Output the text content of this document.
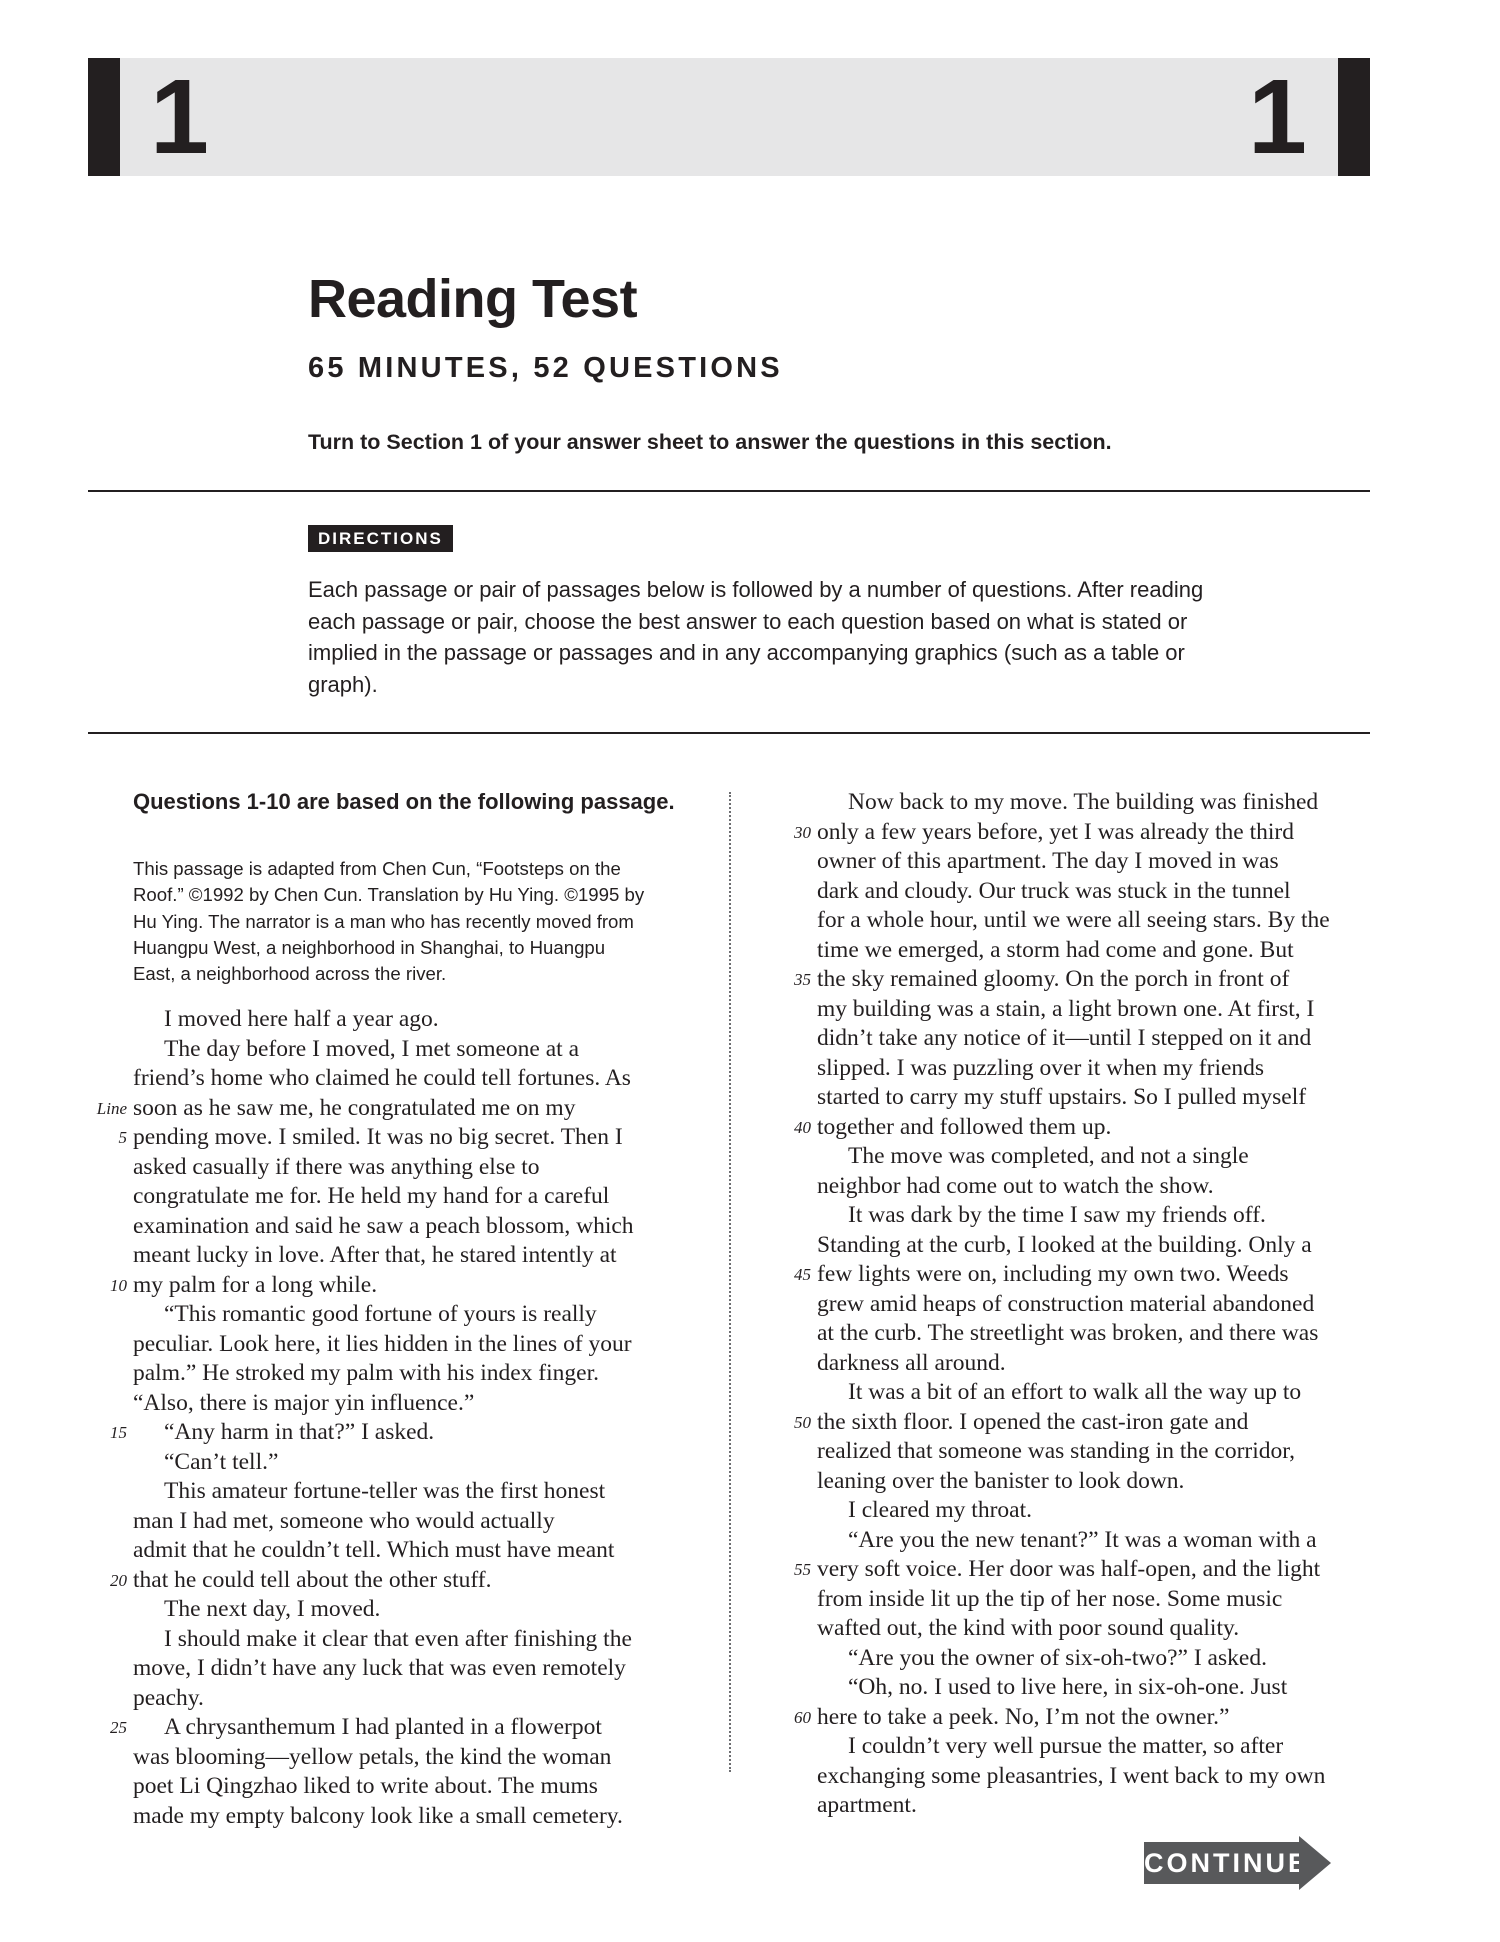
1	1
Reading Test
65 MINUTES, 52 QUESTIONS
Turn to Section 1 of your answer sheet to answer the questions in this section.
DIRECTIONS
Each passage or pair of passages below is followed by a number of questions. After reading
each passage or pair, choose the best answer to each question based on what is stated or
implied in the passage or passages and in any accompanying graphics (such as a table or
graph).
Questions 1-10 are based on the following passage.
This passage is adapted from Chen Cun, “Footsteps on the
Roof.” ©1992 by Chen Cun. Translation by Hu Ying. ©1995 by
Hu Ying. The narrator is a man who has recently moved from
Huangpu West, a neighborhood in Shanghai, to Huangpu
East, a neighborhood across the river.
I moved here half a year ago.
The day before I moved, I met someone at a
friend’s home who claimed he could tell fortunes. As
Line soon as he saw me, he congratulated me on my
5 pending move. I smiled. It was no big secret. Then I
asked casually if there was anything else to
congratulate me for. He held my hand for a careful
examination and said he saw a peach blossom, which
meant lucky in love. After that, he stared intently at
10 my palm for a long while.
“This romantic good fortune of yours is really
peculiar. Look here, it lies hidden in the lines of your
palm.” He stroked my palm with his index finger.
“Also, there is major yin influence.”
15 “Any harm in that?” I asked.
“Can’t tell.”
This amateur fortune-teller was the first honest
man I had met, someone who would actually
admit that he couldn’t tell. Which must have meant
20 that he could tell about the other stuff.
The next day, I moved.
I should make it clear that even after finishing the
move, I didn’t have any luck that was even remotely
peachy.
25 A chrysanthemum I had planted in a flowerpot
was blooming—yellow petals, the kind the woman
poet Li Qingzhao liked to write about. The mums
made my empty balcony look like a small cemetery.
Now back to my move. The building was finished
30 only a few years before, yet I was already the third
owner of this apartment. The day I moved in was
dark and cloudy. Our truck was stuck in the tunnel
for a whole hour, until we were all seeing stars. By the
time we emerged, a storm had come and gone. But
35 the sky remained gloomy. On the porch in front of
my building was a stain, a light brown one. At first, I
didn’t take any notice of it—until I stepped on it and
slipped. I was puzzling over it when my friends
started to carry my stuff upstairs. So I pulled myself
40 together and followed them up.
The move was completed, and not a single
neighbor had come out to watch the show.
It was dark by the time I saw my friends off.
Standing at the curb, I looked at the building. Only a
45 few lights were on, including my own two. Weeds
grew amid heaps of construction material abandoned
at the curb. The streetlight was broken, and there was
darkness all around.
It was a bit of an effort to walk all the way up to
50 the sixth floor. I opened the cast-iron gate and
realized that someone was standing in the corridor,
leaning over the banister to look down.
I cleared my throat.
“Are you the new tenant?” It was a woman with a
55 very soft voice. Her door was half-open, and the light
from inside lit up the tip of her nose. Some music
wafted out, the kind with poor sound quality.
“Are you the owner of six-oh-two?” I asked.
“Oh, no. I used to live here, in six-oh-one. Just
60 here to take a peek. No, I’m not the owner.”
I couldn’t very well pursue the matter, so after
exchanging some pleasantries, I went back to my own
apartment.
CONTINUE
